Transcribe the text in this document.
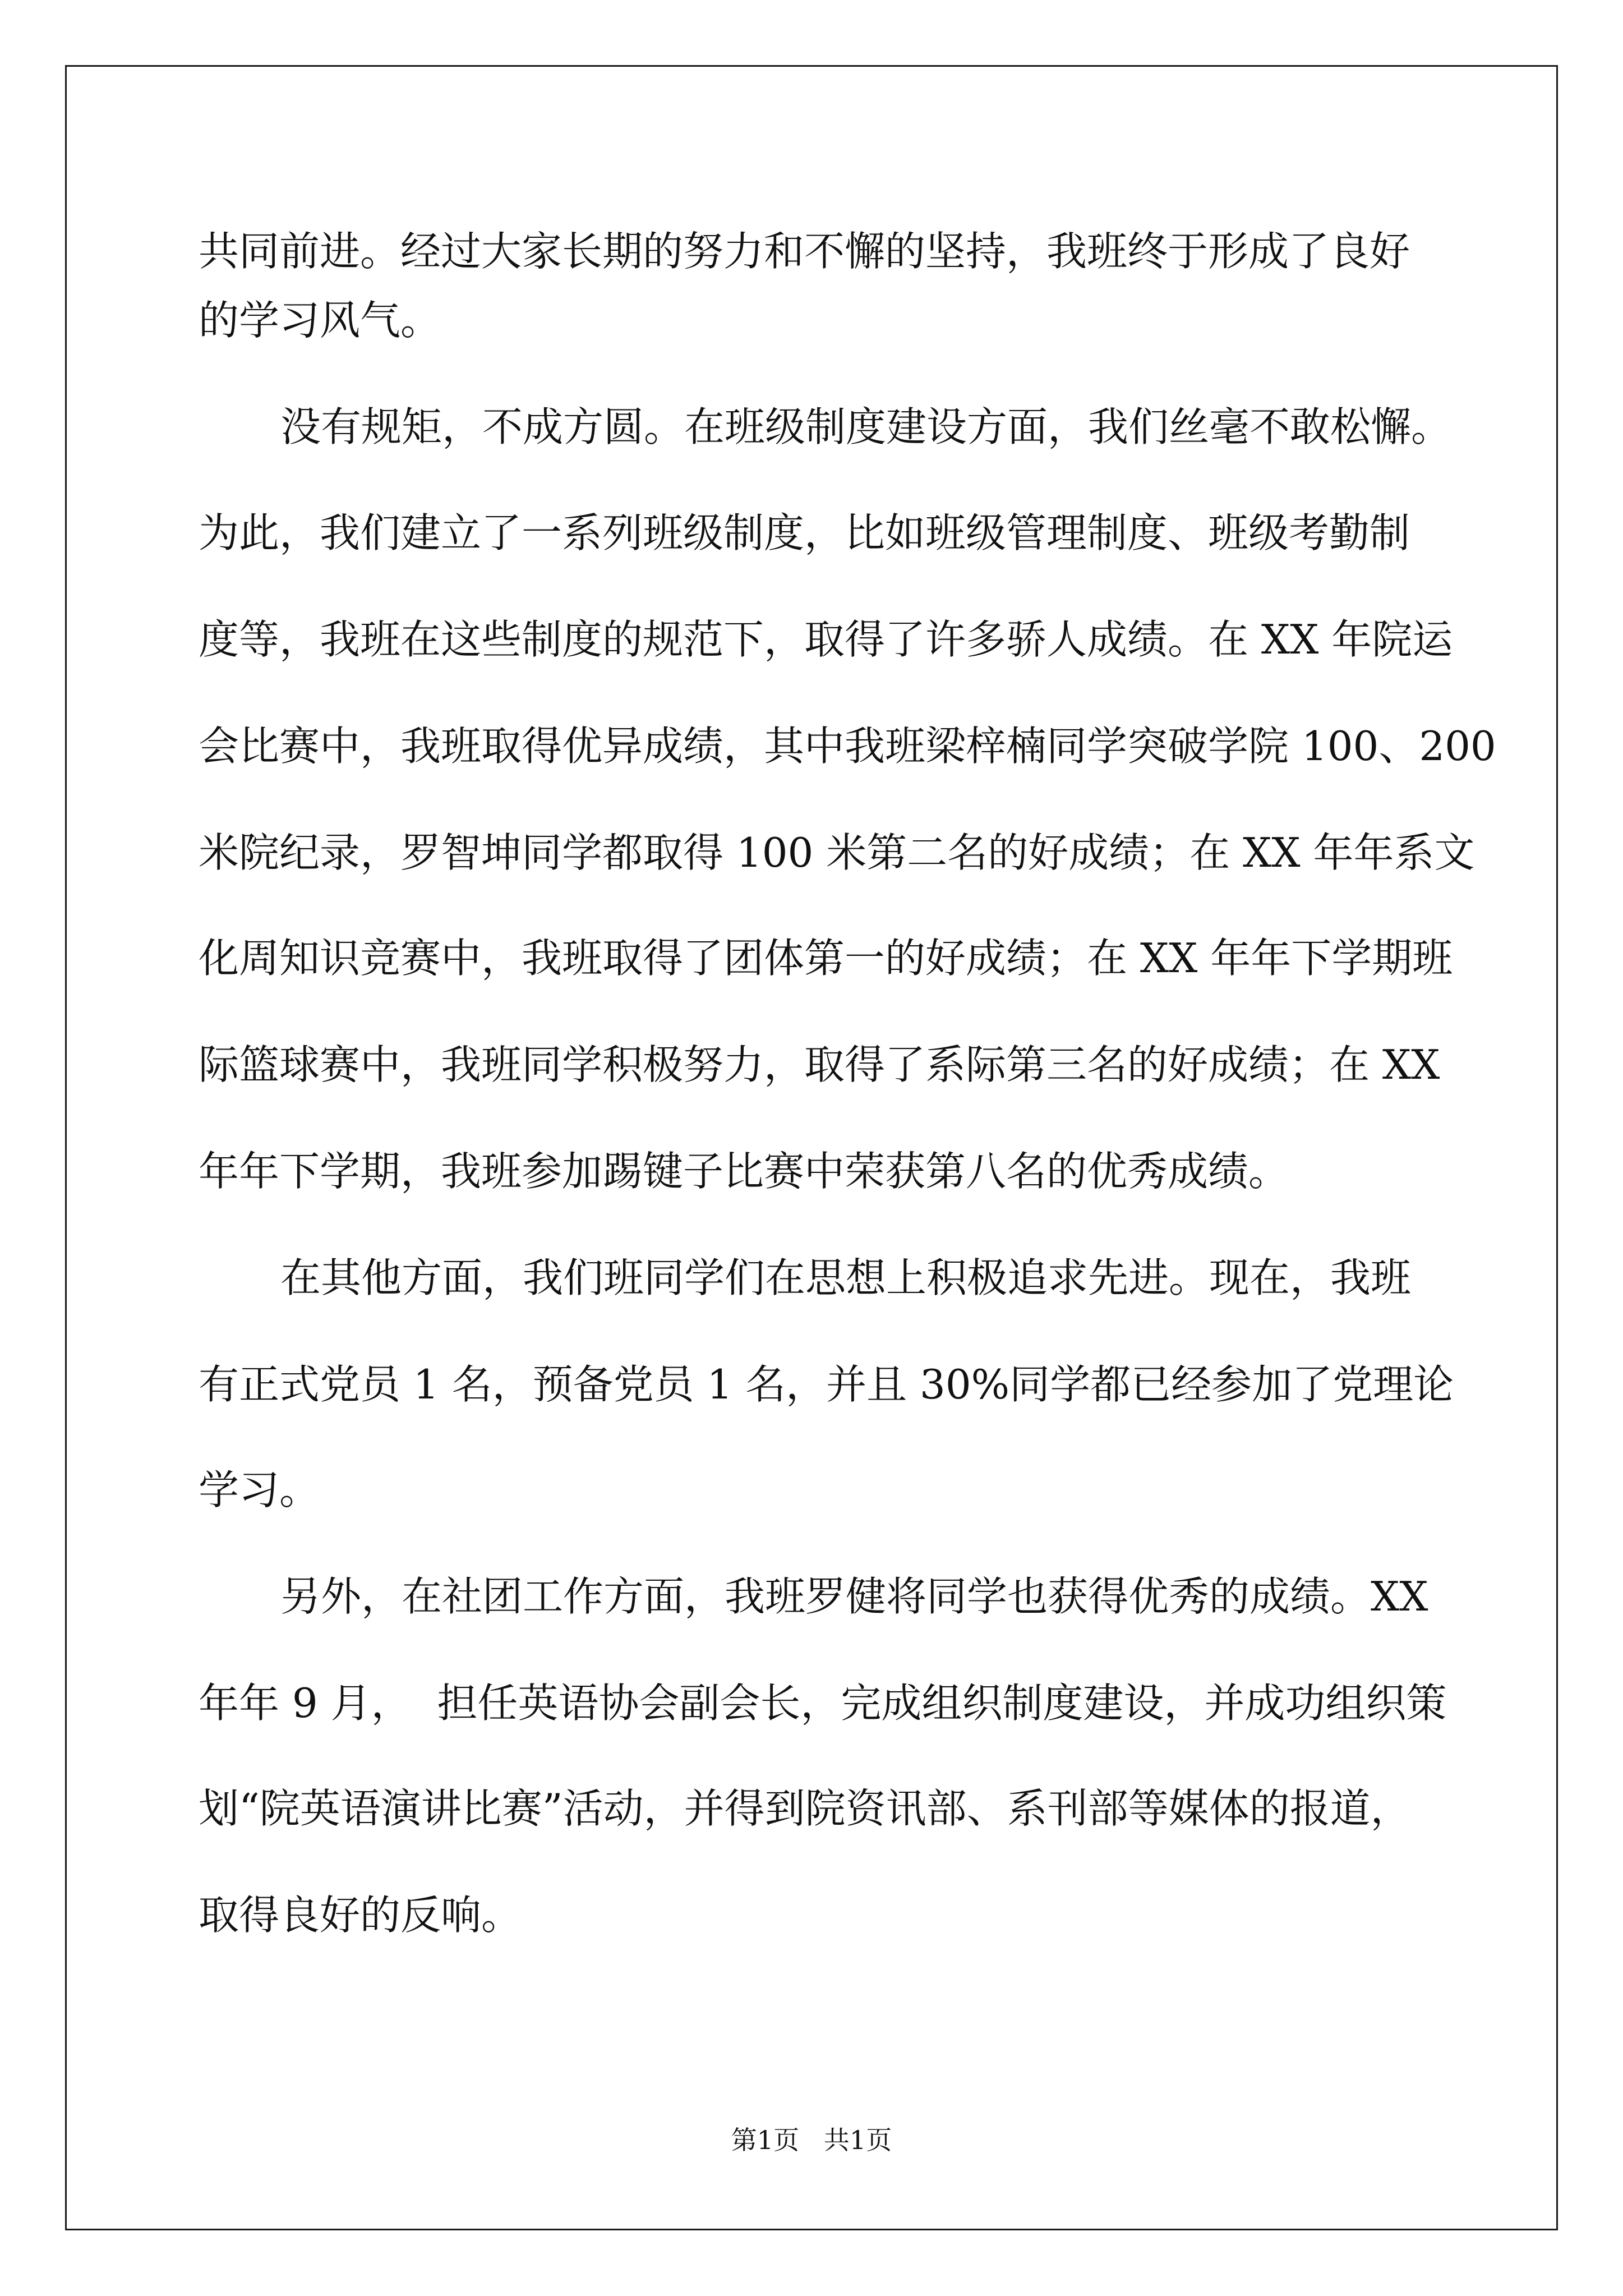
共同前进。经过大家长期的努力和不懈的坚持，我班终于形成了良好
的学习风气。
没有规矩，不成方圆。在班级制度建设方面，我们丝毫不敢松懈。
为此，我们建立了一系列班级制度，比如班级管理制度、班级考勤制
度等，我班在这些制度的规范下，取得了许多骄人成绩。在 XX 年院运
会比赛中，我班取得优异成绩，其中我班梁梓楠同学突破学院 100、200
米院纪录，罗智坤同学都取得 100 米第二名的好成绩；在 XX 年年系文
化周知识竞赛中，我班取得了团体第一的好成绩；在 XX 年年下学期班
际篮球赛中，我班同学积极努力，取得了系际第三名的好成绩；在 XX
年年下学期，我班参加踢键子比赛中荣获第八名的优秀成绩。
在其他方面，我们班同学们在思想上积极追求先进。现在，我班
有正式党员 1 名，预备党员 1 名，并且 30%同学都已经参加了党理论
学习。
另外，在社团工作方面，我班罗健将同学也获得优秀的成绩。XX
年年 9 月，  担任英语协会副会长，完成组织制度建设，并成功组织策
划“院英语演讲比赛”活动，并得到院资讯部、系刊部等媒体的报道，
取得良好的反响。
第1页   共1页
